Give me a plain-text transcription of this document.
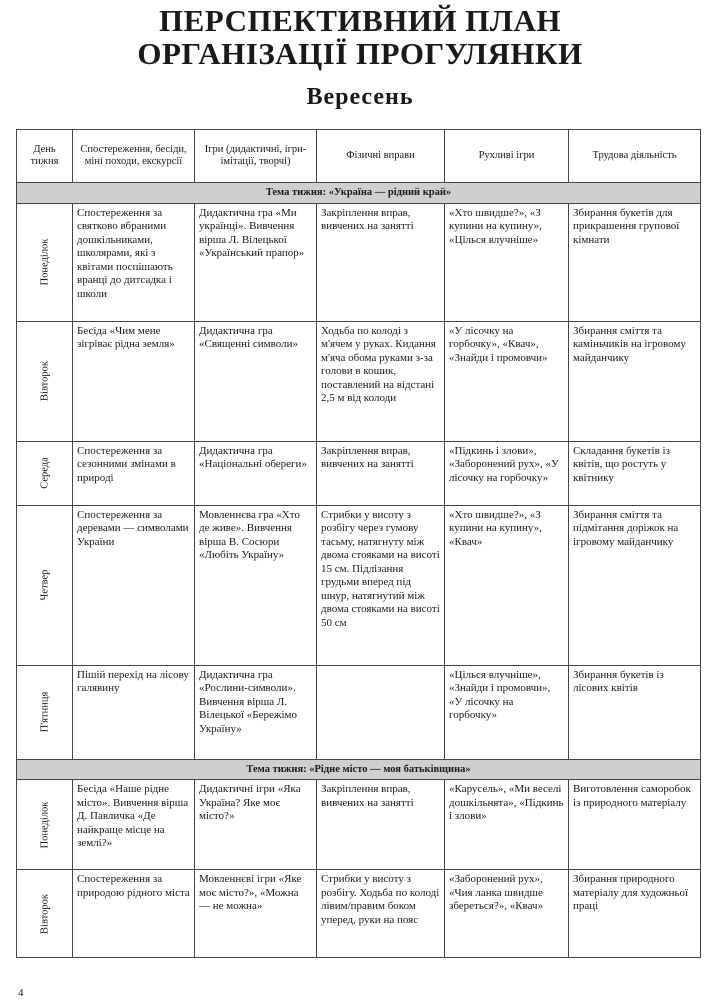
ПЕРСПЕКТИВНИЙ ПЛАН
ОРГАНІЗАЦІЇ ПРОГУЛЯНКИ
Вересень
День тижня	Спостереження, бесіди, міні походи, екскурсії	Ігри (дидактичні, ігри-імітації, творчі)	Фізичні вправи	Рухливі ігри	Трудова діяльність
Тема тижня: «Україна — рідний край»					

Понеділок	Спостереження за святково вбраними дошкільниками, школярами, які з квітами поспішають вранці до дитсадка і школи	Дидактична гра «Ми українці». Вивчення вірша Л. Вілецької «Український прапор»	Закріплення вправ, вивчених на занятті	«Хто швидше?», «З купини на купину», «Цілься влучніше»	Збирання букетів для прикрашення групової кімнати

Вівторок	Бесіда «Чим мене зігріває рідна земля»	Дидактична гра «Священні символи»	Ходьба по колоді з м'ячем у руках. Кидання м'яча обома руками з-за голови в кошик, поставлений на відстані 2,5 м від колоди	«У лісочку на горбочку», «Квач», «Знайди і промовчи»	Збирання сміття та каміньчиків на ігровому майданчику

Середа	Спостереження за сезонними змінами в природі	Дидактична гра «Національні обереги»	Закріплення вправ, вивчених на занятті	«Підкинь і злови», «Заборонений рух», «У лісочку на горбочку»	Складання букетів із квітів, що ростуть у квітнику

Четвер	Спостереження за деревами — символами України	Мовленнєва гра «Хто де живе». Вивчення вірша В. Сосюри «Любіть Україну»	Стрибки у висоту з розбігу через гумову тасьму, натягнуту між двома стояками на висоті 15 см. Підлізання грудьми вперед під шнур, натягнутий між двома стояками на висоті 50 см	«Хто швидше?», «З купини на купину», «Квач»	Збирання сміття та підмітання доріжок на ігровому майданчику

П'ятниця	Пішій перехід на лісову галявину	Дидактична гра «Рослини-символи». Вивчення вірша Л. Вілецької «Бережімо Україну»		«Цілься влучніше», «Знайди і промовчи», «У лісочку на горбочку»	Збирання букетів із лісових квітів
Тема тижня: «Рідне місто — моя батьківщина»					

Понеділок	Бесіда «Наше рідне місто». Вивчення вірша Д. Павличка «Де найкраще місце на землі?»	Дидактичні ігри «Яка Україна? Яке моє місто?»	Закріплення вправ, вивчених на занятті	«Карусель», «Ми веселі дошкільнята», «Підкинь і злови»	Виготовлення саморобок із природного матеріалу

Вівторок	Спостереження за природою рідного міста	Мовленнєві ігри «Яке моє місто?», «Можна — не можна»	Стрибки у висоту з розбігу. Ходьба по колоді лівим/правим боком уперед, руки на пояс	«Заборонений рух», «Чия ланка швидше збереться?», «Квач»	Збирання природного матеріалу для художньої праці
4
